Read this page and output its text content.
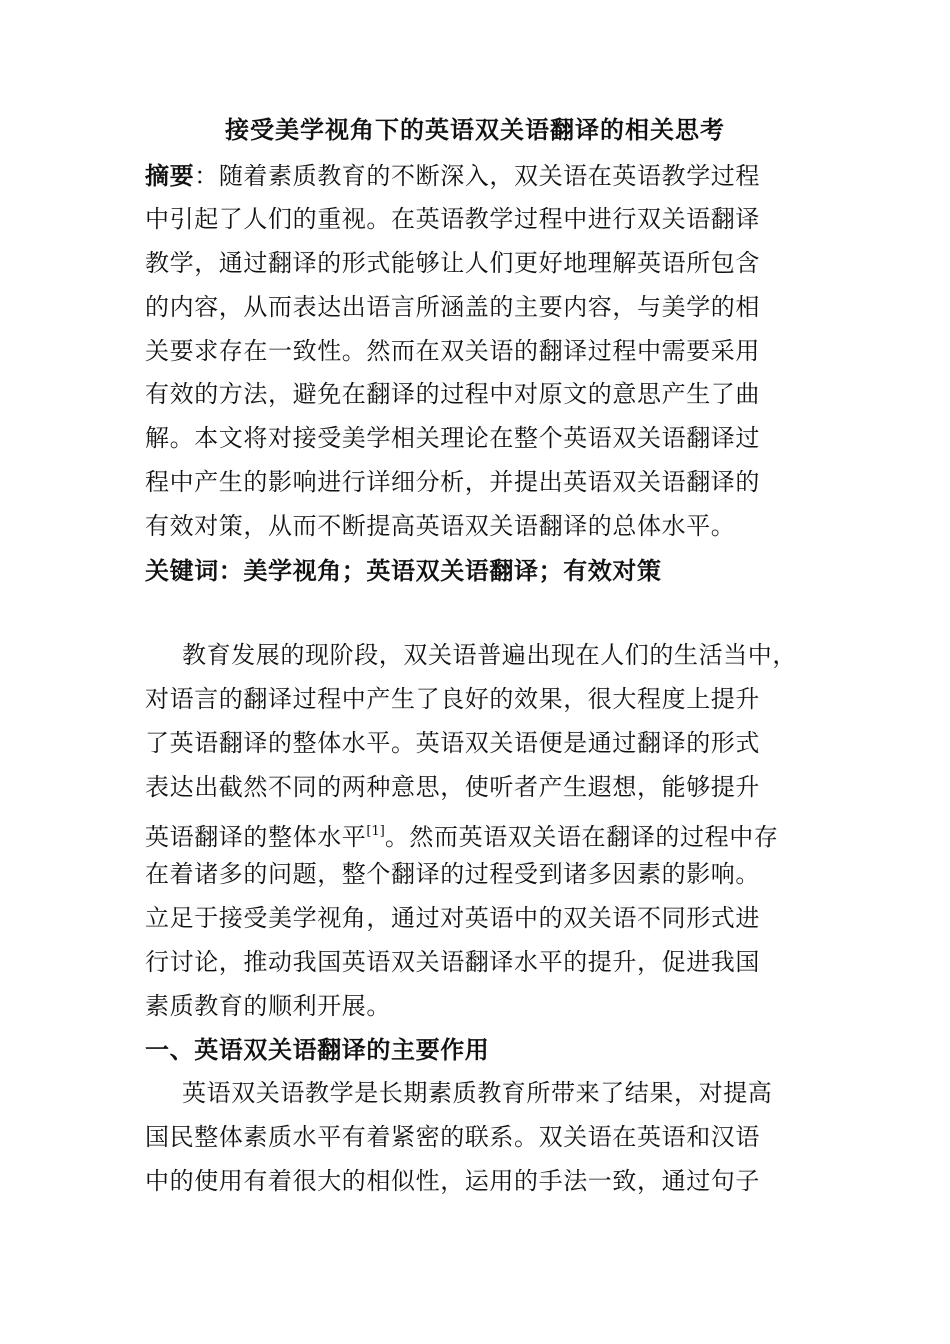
接受美学视角下的英语双关语翻译的相关思考
摘要：随着素质教育的不断深入，双关语在英语教学过程
中引起了人们的重视。在英语教学过程中进行双关语翻译
教学，通过翻译的形式能够让人们更好地理解英语所包含
的内容，从而表达出语言所涵盖的主要内容，与美学的相
关要求存在一致性。然而在双关语的翻译过程中需要采用
有效的方法，避免在翻译的过程中对原文的意思产生了曲
解。本文将对接受美学相关理论在整个英语双关语翻译过
程中产生的影响进行详细分析，并提出英语双关语翻译的
有效对策，从而不断提高英语双关语翻译的总体水平。
关键词：美学视角；英语双关语翻译；有效对策
教育发展的现阶段，双关语普遍出现在人们的生活当中，
对语言的翻译过程中产生了良好的效果，很大程度上提升
了英语翻译的整体水平。英语双关语便是通过翻译的形式
表达出截然不同的两种意思，使听者产生遐想，能够提升
英语翻译的整体水平[1]。然而英语双关语在翻译的过程中存
在着诸多的问题，整个翻译的过程受到诸多因素的影响。
立足于接受美学视角，通过对英语中的双关语不同形式进
行讨论，推动我国英语双关语翻译水平的提升，促进我国
素质教育的顺利开展。
一、英语双关语翻译的主要作用
英语双关语教学是长期素质教育所带来了结果，对提高
国民整体素质水平有着紧密的联系。双关语在英语和汉语
中的使用有着很大的相似性，运用的手法一致，通过句子
